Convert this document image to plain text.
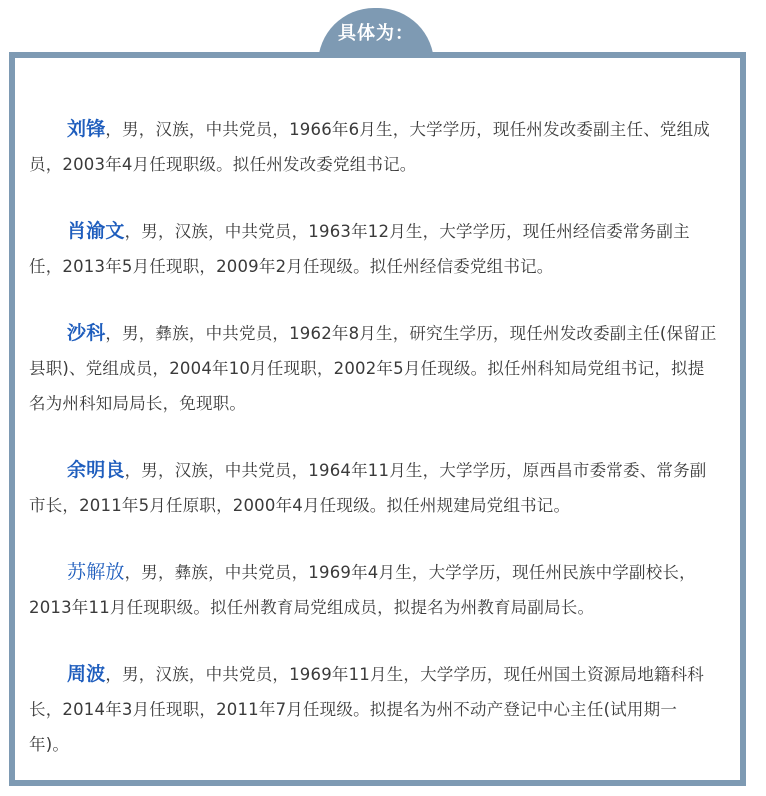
具体为：

刘锋，男，汉族，中共党员，1966年6月生，大学学历，现任州发改委副主任、党组成员，2003年4月任现职级。拟任州发改委党组书记。

肖渝文，男，汉族，中共党员，1963年12月生，大学学历，现任州经信委常务副主任，2013年5月任现职，2009年2月任现级。拟任州经信委党组书记。

沙科，男，彝族，中共党员，1962年8月生，研究生学历，现任州发改委副主任(保留正县职)、党组成员，2004年10月任现职，2002年5月任现级。拟任州科知局党组书记，拟提名为州科知局局长，免现职。

余明良，男，汉族，中共党员，1964年11月生，大学学历，原西昌市委常委、常务副市长，2011年5月任原职，2000年4月任现级。拟任州规建局党组书记。

苏解放，男，彝族，中共党员，1969年4月生，大学学历，现任州民族中学副校长，2013年11月任现职级。拟任州教育局党组成员，拟提名为州教育局副局长。

周波，男，汉族，中共党员，1969年11月生，大学学历，现任州国土资源局地籍科科长，2014年3月任现职，2011年7月任现级。拟提名为州不动产登记中心主任(试用期一年)。
